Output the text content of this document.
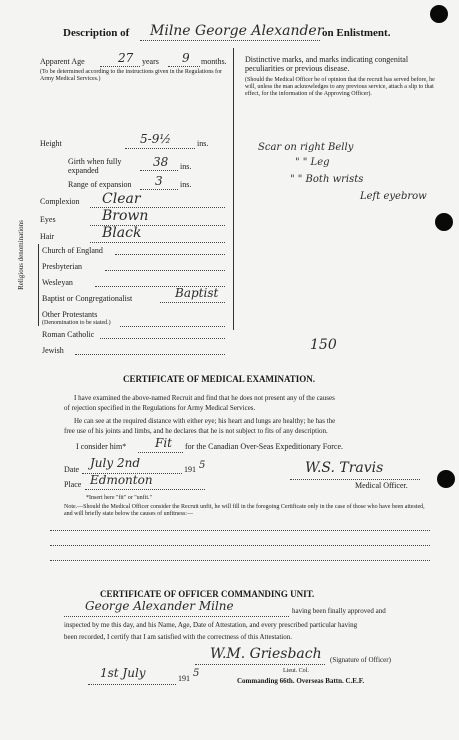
Description of Milne George Alexander
on Enlistment.
Apparent Age	27 years 9 months.
(To be determined according to the instructions given in the Regulations for Army Medical Services.)
Height	5-9½	ins.
Girth when fully expanded
38 ins.
Range of expansion 3 ins.
Complexion Clear
Eyes	Brown
Hair	Black
Religious denominations Church of England
Presbyterian
Wesleyan
Baptist or Congregationalist	Baptist
Other Protestants
(Denomination to be stated.)
Roman Catholic
Jewish
Distinctive marks, and marks indicating congenital peculiarities or previous disease.
(Should the Medical Officer be of opinion that the recruit has served before, he will, unless the man acknowledges to any previous service, attach a slip to that effect, for the information of the Approving Officer).
Scar on right Belly
" " Leg
" " Both wrists
Left eyebrow
150
CERTIFICATE OF MEDICAL EXAMINATION.
I have examined the above-named Recruit and find that he does not present any of the causes
of rejection specified in the Regulations for Army Medical Services.
He can see at the required distance with either eye; his heart and lungs are healthy; he has the
free use of his joints and limbs, and he declares that he is not subject to fits of any description.
I consider him* Fit for the Canadian Over-Seas Expeditionary Force.
Date July 2nd	191 5
Place Edmonton
W.S. Travis
Medical Officer.
*Insert here "fit" or "unfit."
Note.—Should the Medical Officer consider the Recruit unfit, he will fill in the foregoing Certificate only in the case of those who have been attested, and will briefly state below the causes of unfitness:—
CERTIFICATE OF OFFICER COMMANDING UNIT.
George Alexander Milne	having been finally approved and
inspected by me this day, and his Name, Age, Date of Attestation, and every prescribed particular having
been recorded, I certify that I am satisfied with the correctness of this Attestation.
W.M. Griesbach (Signature of Officer)
Lieut. Col.
Commanding 66th. Overseas Battn. C.E.F.
1st July	191 5
